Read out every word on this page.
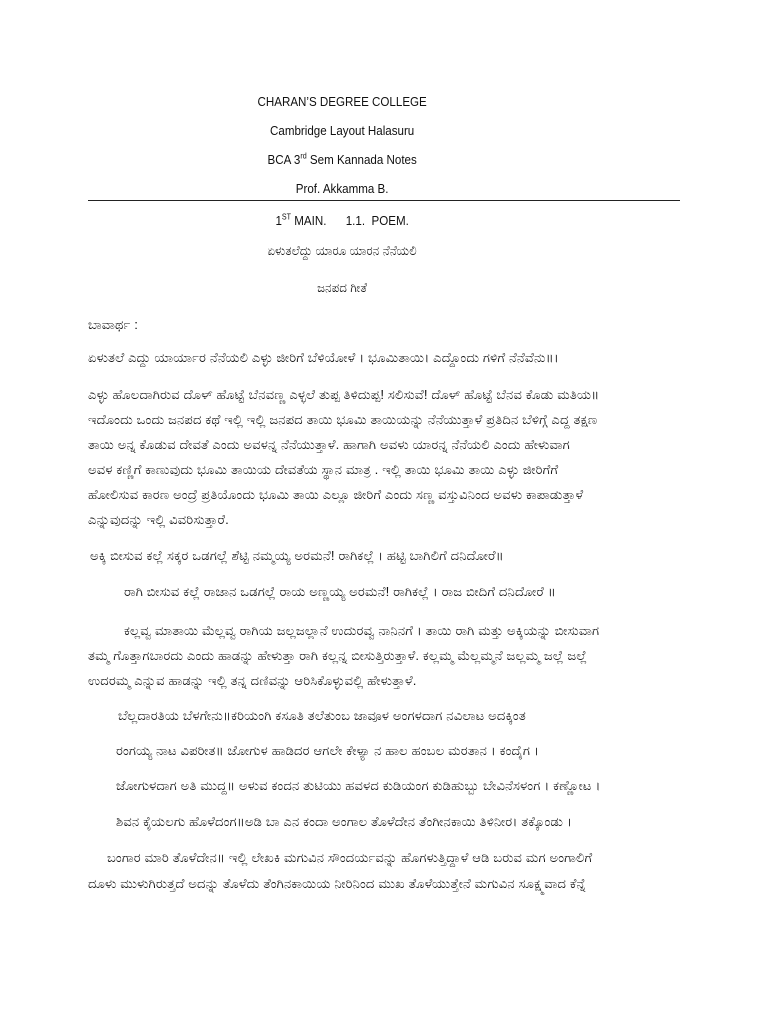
CHARAN’S DEGREE COLLEGE
Cambridge Layout Halasuru
BCA 3rd Sem Kannada Notes
Prof. Akkamma B.
1ST MAIN.      1.1.  POEM.
ಏಳುತಲೆದ್ದು ಯಾರೂ ಯಾರನ ನೆನೆಯಲಿ
ಜನಪದ ಗೀತೆ
ಬಾವಾರ್ಥ :
ಏಳುತಲೆ ಎದ್ದು ಯಾರ್ಯಾರ ನೆನೆಯಲಿ ಎಳ್ಳು ಜೀರಿಗೆ ಬೆಳಿಯೋಳೆ । ಭೂಮಿತಾಯಿ। ಎದ್ದೊಂದು ಗಳಿಗೆ ನೆನೆವೆನು॥।
ಎಳ್ಳು ಹೊಲದಾಗಿರುವ ದೊಳ್ ಹೊಟ್ಟೆ ಬೆನವಣ್ಣ ಎಳ್ಳಲೆ ತುಪ್ಪ ತಿಳಿದುಪ್ಪ! ಸಲಿಸುವೆ! ದೊಳ್ ಹೊಟ್ಟೆ ಬೆನವ ಕೊಡು ಮತಿಯ॥
ಇದೊಂದು ಒಂದು ಜನಪದ ಕಥೆ ಇಲ್ಲಿ ಇಲ್ಲಿ ಜನಪದ ತಾಯಿ ಭೂಮಿ ತಾಯಿಯನ್ನು ನೆನೆಯುತ್ತಾಳೆ ಪ್ರತಿದಿನ ಬೆಳಿಗ್ಗೆ ಎದ್ದ ತಕ್ಷಣ
ತಾಯಿ ಅನ್ನ ಕೊಡುವ ದೇವತೆ ಎಂದು ಅವಳನ್ನ ನೆನೆಯುತ್ತಾಳೆ. ಹಾಗಾಗಿ ಅವಳು ಯಾರನ್ನ ನೆನೆಯಲಿ ಎಂದು ಹೇಳುವಾಗ
ಅವಳ ಕಣ್ಣಿಗೆ ಕಾಣುವುದು ಭೂಮಿ ತಾಯಿಯ ದೇವತೆಯ ಸ್ಥಾನ ಮಾತ್ರ . ಇಲ್ಲಿ ತಾಯಿ ಭೂಮಿ ತಾಯಿ ಎಳ್ಳು ಜೀರಿಗೆಗೆ
ಹೋಲಿಸುವ ಕಾರಣ ಅಂದ್ರೆ ಪ್ರತಿಯೊಂದು ಭೂಮಿ ತಾಯಿ ಎಲ್ಲೂ ಜೀರಿಗೆ ಎಂದು ಸಣ್ಣ ವಸ್ತುವಿನಿಂದ ಅವಳು ಕಾಪಾಡುತ್ತಾಳೆ
ಎನ್ನುವುದನ್ನು ಇಲ್ಲಿ ವಿವರಿಸುತ್ತಾರೆ.
ಅಕ್ಕಿ ಬೀಸುವ ಕಲ್ಲೆ ಸಕ್ಕರ ಒಡಗಲ್ಲೆ ಶೆಟ್ಟಿ ನಮ್ಮಯ್ಯ ಅರಮನೆ! ರಾಗಿಕಲ್ಲೆ । ಹಟ್ಟಿ ಬಾಗಿಲಿಗೆ ದನಿದೋರೆ॥
ರಾಗಿ ಬೀಸುವ ಕಲ್ಲೆ ರಾಜಾನ ಒಡಗಲ್ಲೆ ರಾಯ ಅಣ್ಣಯ್ಯ ಅರಮನೆ! ರಾಗಿಕಲ್ಲೆ । ರಾಜ ಬೀದಿಗೆ ದನಿದೋರೆ ॥
ಕಲ್ಲವ್ವ ಮಾತಾಯಿ ಮೆಲ್ಲವ್ವ ರಾಗಿಯ ಜಲ್ಲಜಲ್ಲಾನೆ ಉದುರವ್ವ ನಾನಿನಗೆ । ತಾಯಿ ರಾಗಿ ಮತ್ತು ಅಕ್ಕಿಯನ್ನು ಬೀಸುವಾಗ
ತಮ್ಮ ಗೊತ್ತಾಗಬಾರದು ಎಂದು ಹಾಡನ್ನು ಹೇಳುತ್ತಾ ರಾಗಿ ಕಲ್ಲನ್ನ ಬೀಸುತ್ತಿರುತ್ತಾಳೆ. ಕಲ್ಲಮ್ಮ ಮೆಲ್ಲಮ್ಮನೆ ಜಲ್ಲಮ್ಮ ಜಲ್ಲೆ ಜಲ್ಲೆ
ಉದರಮ್ಮ ಎನ್ನುವ ಹಾಡನ್ನು ಇಲ್ಲಿ ತನ್ನ ದಣಿವನ್ನು ಆರಿಸಿಕೊಳ್ಳುವಲ್ಲಿ ಹೇಳುತ್ತಾಳೆ.
ಬೆಲ್ಲದಾರತಿಯ ಬೆಳಗೇನು॥ಕರಿಯಂಗಿ ಕಸೂತಿ ತಲೆತುಂಬ ಜಾವೂಳ ಅಂಗಳದಾಗ ನವಿಲಾಟ ಅದಕ್ಕಿಂತ
ರಂಗಯ್ಯ ನಾಟ ವಿಪರೀತ॥ ಜೋಗುಳ ಹಾಡಿದರ ಆಗಲೇ ಕೇಳ್ಯಾ ನ ಹಾಲ ಹಂಬಲ ಮರತಾನ । ಕಂದೈಗ ।
ಜೋಗುಳದಾಗ ಅತಿ ಮುದ್ದ॥ ಅಳುವ ಕಂದನ ತುಟಿಯು ಹವಳದ ಕುಡಿಯಂಗ ಕುಡಿಹುಬ್ಬು ಬೇವಿನೆಸಳಂಗ । ಕಣ್ಣೋಟ ।
ಶಿವನ ಕೈಯಲಗು ಹೊಳೆದಂಗ॥ಅಡಿ ಬಾ ಎನ ಕಂದಾ ಅಂಗಾಲ ತೊಳೆದೇನ ತೆಂಗೀನಕಾಯಿ ತಿಳಿನೀರ। ತಕ್ಕೊಂಡು ।
ಬಂಗಾರ ಮಾರಿ ತೊಳೆದೇನ॥ ಇಲ್ಲಿ ಲೇಖಕಿ ಮಗುವಿನ ಸೌಂದರ್ಯವನ್ನು ಹೊಗಳುತ್ತಿದ್ದಾಳೆ ಆಡಿ ಬರುವ ಮಗ ಅಂಗಾಲಿಗೆ
ದೂಳು ಮುಳುಗಿರುತ್ತದೆ ಅದನ್ನು ತೊಳೆದು ತೆಂಗಿನಕಾಯಿಯ ನೀರಿನಿಂದ ಮುಖ ತೊಳೆಯುತ್ತೇನೆ ಮಗುವಿನ ಸೂಕ್ಷ್ಮವಾದ ಕೆನ್ನೆ
